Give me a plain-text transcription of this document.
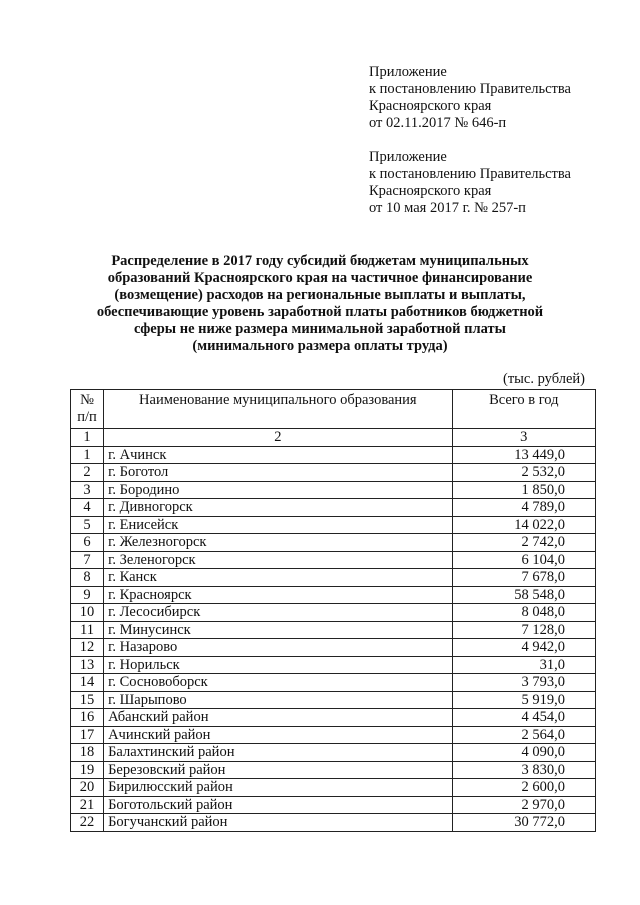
Приложение
к постановлению Правительства
Красноярского края
от 02.11.2017 № 646-п
Приложение
к постановлению Правительства
Красноярского края
от 10 мая 2017 г. № 257-п
Распределение в 2017 году субсидий бюджетам муниципальных
образований Красноярского края на частичное финансирование
(возмещение) расходов на региональные выплаты и выплаты,
обеспечивающие уровень заработной платы работников бюджетной
сферы не ниже размера минимальной заработной платы
(минимального размера оплаты труда)
(тыс. рублей)
№
п/п	Наименование муниципального образования	Всего в год
1	2	3
1	г. Ачинск	13 449,0
2	г. Боготол	2 532,0
3	г. Бородино	1 850,0
4	г. Дивногорск	4 789,0
5	г. Енисейск	14 022,0
6	г. Железногорск	2 742,0
7	г. Зеленогорск	6 104,0
8	г. Канск	7 678,0
9	г. Красноярск	58 548,0
10	г. Лесосибирск	8 048,0
11	г. Минусинск	7 128,0
12	г. Назарово	4 942,0
13	г. Норильск	31,0
14	г. Сосновоборск	3 793,0
15	г. Шарыпово	5 919,0
16	Абанский район	4 454,0
17	Ачинский район	2 564,0
18	Балахтинский район	4 090,0
19	Березовский район	3 830,0
20	Бирилюсский район	2 600,0
21	Боготольский район	2 970,0
22	Богучанский район	30 772,0
